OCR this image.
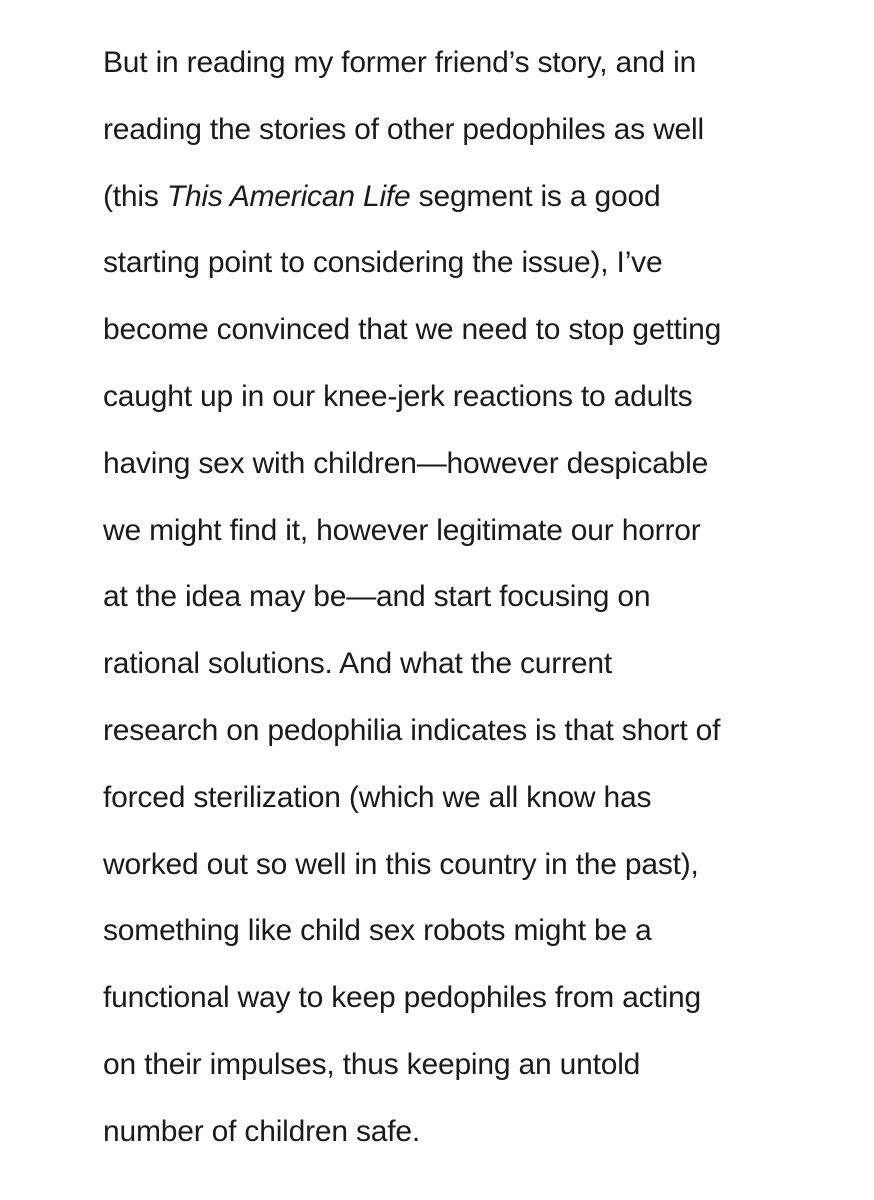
But in reading my former friend’s story, and in
reading the stories of other pedophiles as well
(this This American Life segment is a good
starting point to considering the issue), I’ve
become convinced that we need to stop getting
caught up in our knee-jerk reactions to adults
having sex with children—however despicable
we might find it, however legitimate our horror
at the idea may be—and start focusing on
rational solutions. And what the current
research on pedophilia indicates is that short of
forced sterilization (which we all know has
worked out so well in this country in the past),
something like child sex robots might be a
functional way to keep pedophiles from acting
on their impulses, thus keeping an untold
number of children safe.
